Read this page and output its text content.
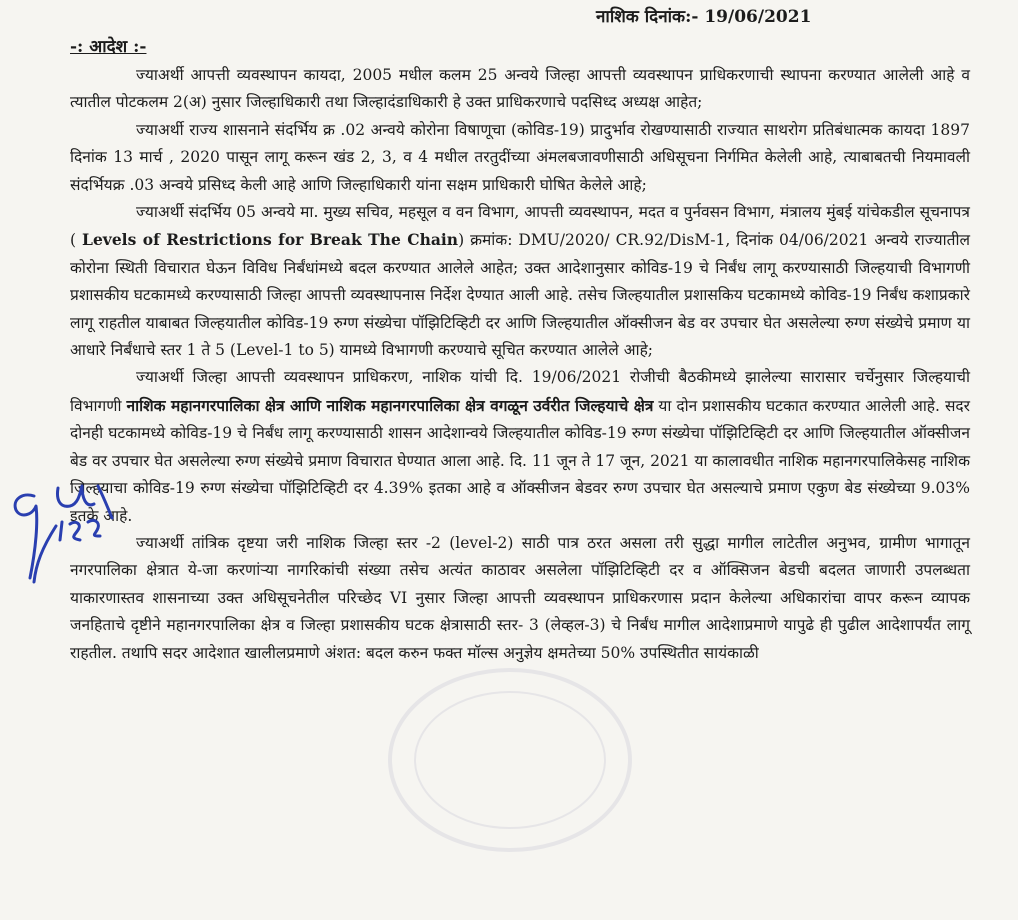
नाशिक दिनांक:- 19/06/2021
-: आदेश :-

ज्याअर्थी आपत्ती व्यवस्थापन कायदा, 2005 मधील कलम 25 अन्वये जिल्हा आपत्ती व्यवस्थापन प्राधिकरणाची स्थापना करण्यात आलेली आहे व त्यातील पोटकलम 2(अ) नुसार जिल्हाधिकारी तथा जिल्हादंडाधिकारी हे उक्त प्राधिकरणाचे पदसिध्द अध्यक्ष आहेत;

ज्याअर्थी राज्य शासनाने संदर्भिय क्र .02 अन्वये कोरोना विषाणूचा (कोविड-19) प्रादुर्भाव रोखण्यासाठी राज्यात साथरोग प्रतिबंधात्मक कायदा 1897 दिनांक 13 मार्च , 2020 पासून लागू करून खंड 2, 3, व 4 मधील तरतुदींच्या अंमलबजावणीसाठी अधिसूचना निर्गमित केलेली आहे, त्याबाबतची नियमावली संदर्भियक्र .03 अन्वये प्रसिध्द केली आहे आणि जिल्हाधिकारी यांना सक्षम प्राधिकारी घोषित केलेले आहे;

ज्याअर्थी संदर्भिय 05 अन्वये मा. मुख्य सचिव, महसूल व वन विभाग, आपत्ती व्यवस्थापन, मदत व पुर्नवसन विभाग, मंत्रालय मुंबई यांचेकडील सूचनापत्र ( Levels of Restrictions for Break The Chain) क्रमांक: DMU/2020/ CR.92/DisM-1, दिनांक 04/06/2021 अन्वये राज्यातील कोरोना स्थिती विचारात घेऊन विविध निर्बंधांमध्ये बदल करण्यात आलेले आहेत; उक्त आदेशानुसार कोविड-19 चे निर्बंध लागू करण्यासाठी जिल्हयाची विभागणी प्रशासकीय घटकामध्ये करण्यासाठी जिल्हा आपत्ती व्यवस्थापनास निर्देश देण्यात आली आहे. तसेच जिल्हयातील प्रशासकिय घटकामध्ये कोविड-19 निर्बंध कशाप्रकारे लागू राहतील याबाबत जिल्हयातील कोविड-19 रुग्ण संख्येचा पॉझिटिव्हिटी दर आणि जिल्हयातील ऑक्सीजन बेड वर उपचार घेत असलेल्या रुग्ण संख्येचे प्रमाण या आधारे निर्बंधाचे स्तर 1 ते 5 (Level-1 to 5) यामध्ये विभागणी करण्याचे सूचित करण्यात आलेले आहे;

ज्याअर्थी जिल्हा आपत्ती व्यवस्थापन प्राधिकरण, नाशिक यांची दि. 19/06/2021 रोजीची बैठकीमध्ये झालेल्या सारासार चर्चेनुसार जिल्हयाची विभागणी नाशिक महानगरपालिका क्षेत्र आणि नाशिक महानगरपालिका क्षेत्र वगळून उर्वरीत जिल्हयाचे क्षेत्र या दोन प्रशासकीय घटकात करण्यात आलेली आहे. सदर दोनही घटकामध्ये कोविड-19 चे निर्बंध लागू करण्यासाठी शासन आदेशान्वये जिल्हयातील कोविड-19 रुग्ण संख्येचा पॉझिटिव्हिटी दर आणि जिल्हयातील ऑक्सीजन बेड वर उपचार घेत असलेल्या रुग्ण संख्येचे प्रमाण विचारात घेण्यात आला आहे. दि. 11 जून ते 17 जून, 2021 या कालावधीत नाशिक महानगरपालिकेसह नाशिक जिल्हयाचा कोविड-19 रुग्ण संख्येचा पॉझिटिव्हिटी दर 4.39% इतका आहे व ऑक्सीजन बेडवर रुग्ण उपचार घेत असल्याचे प्रमाण एकुण बेड संख्येच्या 9.03% इतके आहे.

ज्याअर्थी तांत्रिक दृष्टया जरी नाशिक जिल्हा स्तर -2 (level-2) साठी पात्र ठरत असला तरी सुद्धा मागील लाटेतील अनुभव, ग्रामीण भागातून नगरपालिका क्षेत्रात ये-जा करणांऱ्या नागरिकांची संख्या तसेच अत्यंत काठावर असलेला पॉझिटिव्हिटी दर व ऑक्सिजन बेडची बदलत जाणारी उपलब्धता याकारणास्तव शासनाच्या उक्त अधिसूचनेतील परिच्छेद VI नुसार जिल्हा आपत्ती व्यवस्थापन प्राधिकरणास प्रदान केलेल्या अधिकारांचा वापर करून व्यापक जनहिताचे दृष्टीने महानगरपालिका क्षेत्र व जिल्हा प्रशासकीय घटक क्षेत्रासाठी स्तर- 3 (लेव्हल-3) चे निर्बंध मागील आदेशाप्रमाणे यापुढे ही पुढील आदेशापर्यंत लागू राहतील. तथापि सदर आदेशात खालीलप्रमाणे अंशत: बदल करुन फक्त मॉल्स अनुज्ञेय क्षमतेच्या 50% उपस्थितीत सायंकाळी
